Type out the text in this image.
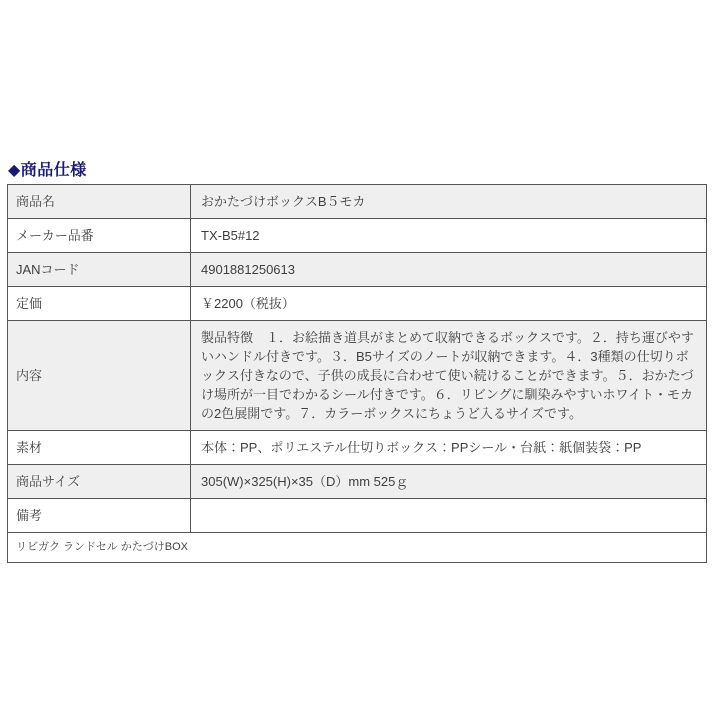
◆商品仕様
商品名	おかたづけボックスB５モカ
メーカー品番	TX-B5#12
JANコード	4901881250613
定価	￥2200（税抜）
内容	製品特徴　１．お絵描き道具がまとめて収納できるボックスです。２．持ち運びやすいハンドル付きです。３．B5サイズのノートが収納できます。４．3種類の仕切りボックス付きなので、子供の成長に合わせて使い続けることができます。５．おかたづけ場所が一目でわかるシール付きです。６．リビングに馴染みやすいホワイト・モカの2色展開です。７．カラーボックスにちょうど入るサイズです。
素材	本体：PP、ポリエステル仕切りボックス：PPシール・台紙：紙個装袋：PP
商品サイズ	305(W)×325(H)×35（D）mm 525ｇ
備考	
リビガク ランドセル かたづけBOX	
